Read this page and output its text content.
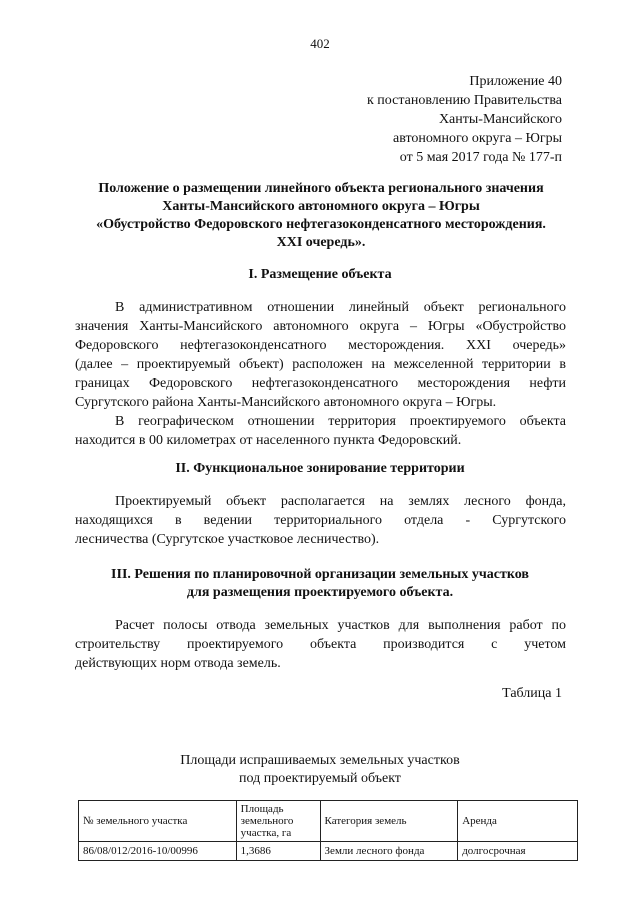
402
Приложение 40
к постановлению Правительства
Ханты-Мансийского
автономного округа – Югры
от 5 мая 2017 года № 177-п
Положение о размещении линейного объекта регионального значения
Ханты-Мансийского автономного округа – Югры
«Обустройство Федоровского нефтегазоконденсатного месторождения.
XXI очередь».
I. Размещение объекта
В административном отношении линейный объект регионального
значения Ханты-Мансийского автономного округа – Югры «Обустройство
Федоровского нефтегазоконденсатного месторождения. XXI очередь»
(далее – проектируемый объект) расположен на межселенной территории в
границах Федоровского нефтегазоконденсатного месторождения нефти
Сургутского района Ханты-Мансийского автономного округа – Югры.
В географическом отношении территория проектируемого объекта
находится в 00 километрах от населенного пункта Федоровский.
II. Функциональное зонирование территории
Проектируемый объект располагается на землях лесного фонда,
находящихся в ведении территориального отдела - Сургутского
лесничества (Сургутское участковое лесничество).
III. Решения по планировочной организации земельных участков
для размещения проектируемого объекта.
Расчет полосы отвода земельных участков для выполнения работ по
строительству проектируемого объекта производится с учетом
действующих норм отвода земель.
Таблица 1
Площади испрашиваемых земельных участков
под проектируемый объект
№ земельного участка	Площадь земельного участка, га	Категория земель	Аренда
86/08/012/2016-10/00996	1,3686	Земли лесного фонда	долгосрочная
